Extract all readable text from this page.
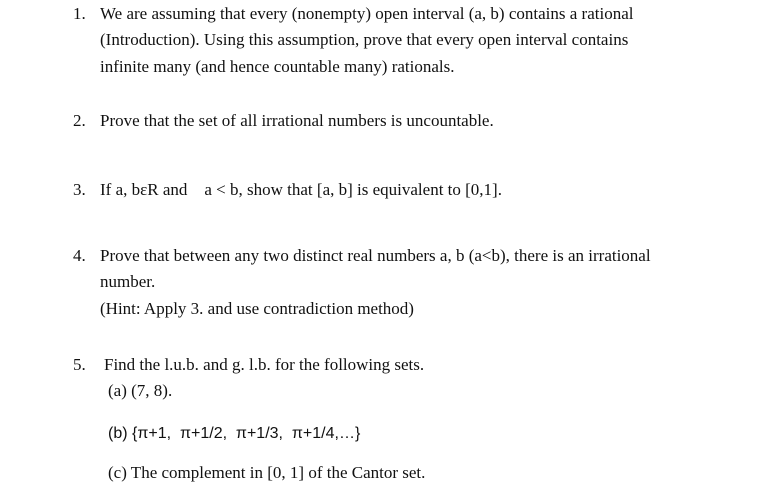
1. We are assuming that every (nonempty) open interval (a, b) contains a rational
(Introduction). Using this assumption, prove that every open interval contains
infinite many (and hence countable many) rationals.
2. Prove that the set of all irrational numbers is uncountable.
3. If a, bεR and    a < b, show that [a, b] is equivalent to [0,1].
4. Prove that between any two distinct real numbers a, b (a<b), there is an irrational
number.
(Hint: Apply 3. and use contradiction method)
5. Find the l.u.b. and g. l.b. for the following sets.
(a) (7, 8).
(b) {π+1,  π+1/2,  π+1/3,  π+1/4,…}
(c) The complement in [0, 1] of the Cantor set.
